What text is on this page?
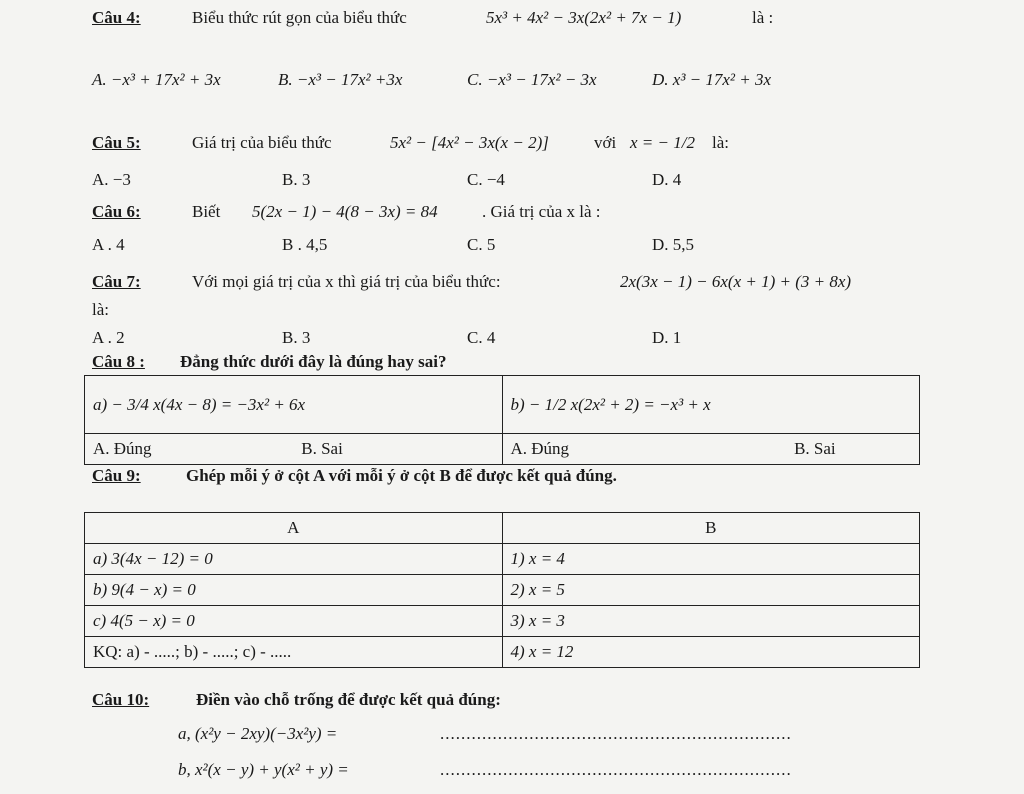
Câu 4:	Biểu thức rút gọn của biểu thức	5x³ + 4x² − 3x(2x² + 7x − 1)	là :
A. −x³ + 17x² + 3x	B. −x³ − 17x² +3x	C. −x³ − 17x² − 3x	D. x³ − 17x² + 3x
Câu 5:	Giá trị của biểu thức	5x² − [4x² − 3x(x − 2)]	với x = − 1/2 là:
A. −3	B. 3	C. −4	D. 4
Câu 6:	Biết 5(2x − 1) − 4(8 − 3x) = 84	. Giá trị của x là :
A . 4	B . 4,5	C. 5	D. 5,5
Câu 7:	Với mọi giá trị của x thì giá trị của biểu thức:	2x(3x − 1) − 6x(x + 1) + (3 + 8x)
là:
A . 2	B. 3	C. 4	D. 1
Câu 8 : Đẳng thức dưới đây là đúng hay sai?
a) − 3/4 x(4x − 8) = −3x² + 6x		b) − 1/2 x(2x² + 2) = −x³ + x	
A. Đúng	B. Sai	A. Đúng	B. Sai
Câu 9:	Ghép mỗi ý ở cột A với mỗi ý ở cột B để được kết quả đúng.
A	B
a) 3(4x − 12) = 0	1) x = 4
b) 9(4 − x) = 0	2) x = 5
c) 4(5 − x) = 0	3) x = 3
KQ: a) - .....; b) - .....; c) - .....	4) x = 12
Câu 10:	Điền vào chỗ trống để được kết quả đúng:
a, (x²y − 2xy)(−3x²y) =	...................................................................
b, x²(x − y) + y(x² + y) =	...................................................................
